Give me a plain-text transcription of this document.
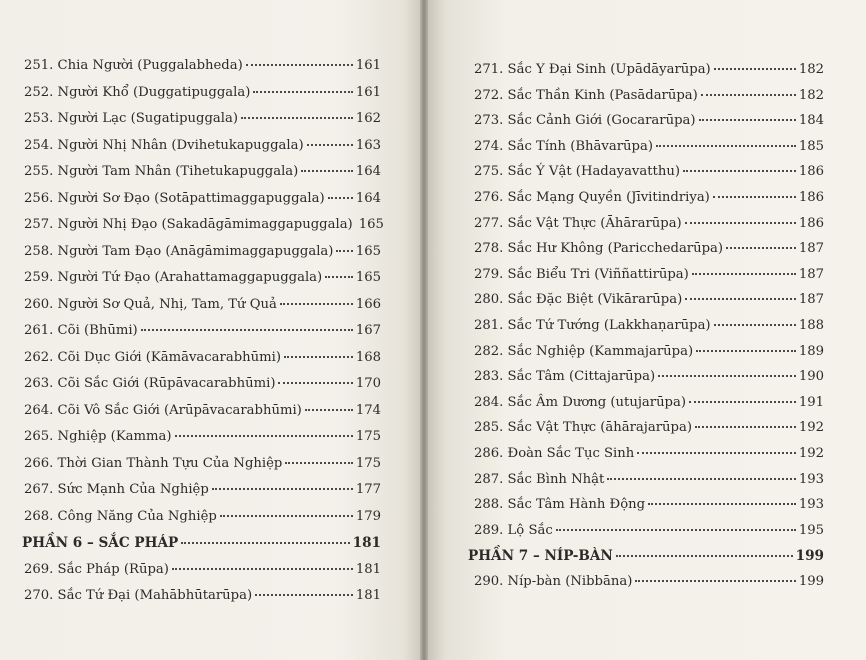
251. Chia Người (Puggalabheda)	161
252. Người Khổ (Duggatipuggala)	161
253. Người Lạc (Sugatipuggala)	162
254. Người Nhị Nhân (Dvihetukapuggala)	163
255. Người Tam Nhân (Tihetukapuggala)	164
256. Người Sơ Đạo (Sotāpattimaggapuggala) 164
257. Người Nhị Đạo (Sakadāgāmimaggapuggala) 165
258. Người Tam Đạo (Anāgāmimaggapuggala) 165
259. Người Tứ Đạo (Arahattamaggapuggala)	165
260. Người Sơ Quả, Nhị, Tam, Tứ Quả	166
261. Cõi (Bhūmi)	167
262. Cõi Dục Giới (Kāmāvacarabhūmi)	168
263. Cõi Sắc Giới (Rūpāvacarabhūmi)	170
264. Cõi Vô Sắc Giới (Arūpāvacarabhūmi)	174
265. Nghiệp (Kamma)	175
266. Thời Gian Thành Tựu Của Nghiệp	175
267. Sức Mạnh Của Nghiệp	177
268. Công Năng Của Nghiệp	179
PHẦN 6 – SẮC PHÁP	181
269. Sắc Pháp (Rūpa)	181
270. Sắc Tứ Đại (Mahābhūtarūpa)	181
271. Sắc Y Đại Sinh (Upādāyarūpa)	182
272. Sắc Thần Kinh (Pasādarūpa)	182
273. Sắc Cảnh Giới (Gocararūpa)	184
274. Sắc Tính (Bhāvarūpa)	185
275. Sắc Ý Vật (Hadayavatthu)	186
276. Sắc Mạng Quyền (Jīvitindriya)	186
277. Sắc Vật Thực (Āhārarūpa)	186
278. Sắc Hư Không (Paricchedarūpa)	187
279. Sắc Biểu Tri (Viññattirūpa)	187
280. Sắc Đặc Biệt (Vikārarūpa)	187
281. Sắc Tứ Tướng (Lakkhaṇarūpa)	188
282. Sắc Nghiệp (Kammajarūpa)	189
283. Sắc Tâm (Cittajarūpa)	190
284. Sắc Âm Dương (utujarūpa)	191
285. Sắc Vật Thực (āhārajarūpa)	192
286. Đoàn Sắc Tục Sinh	192
287. Sắc Bình Nhật	193
288. Sắc Tâm Hành Động	193
289. Lộ Sắc	195
PHẦN 7 – NÍP-BÀN	199
290. Níp-bàn (Nibbāna)	199
